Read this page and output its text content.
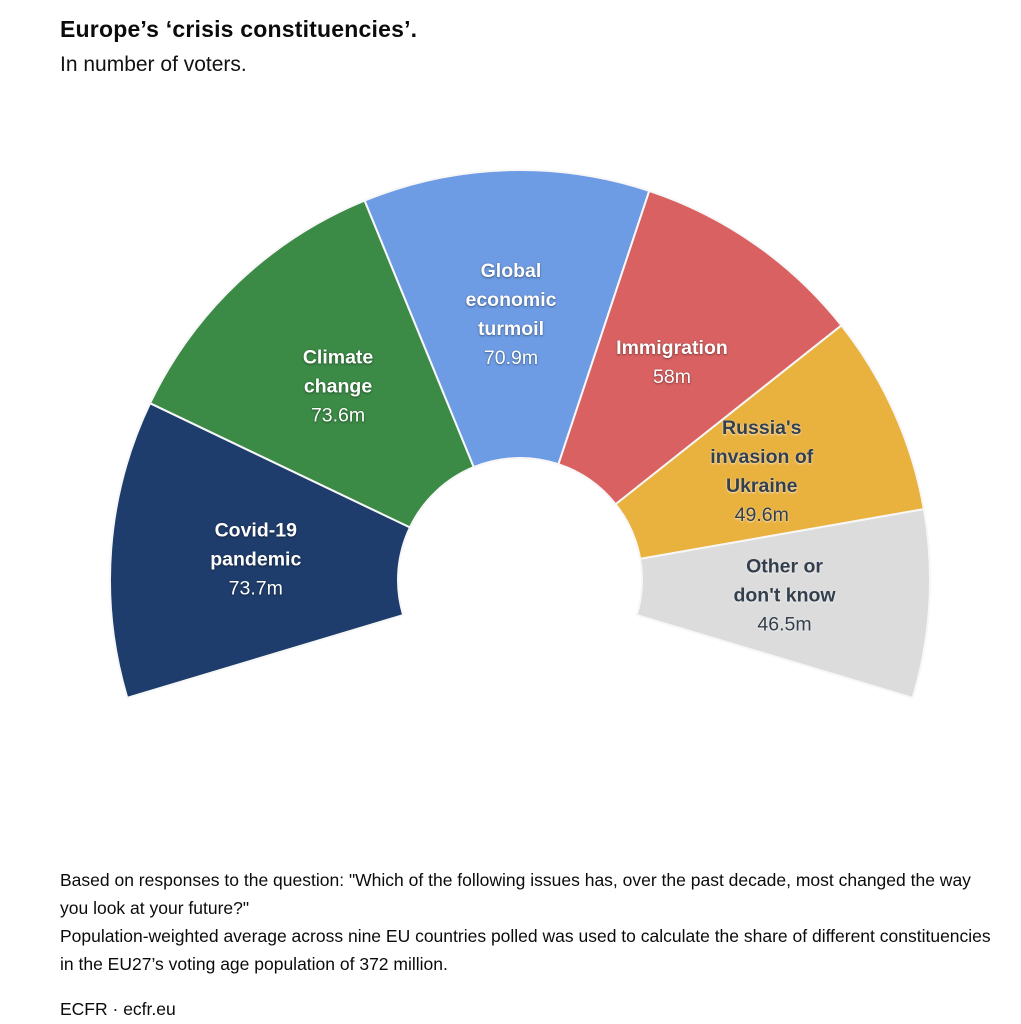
Europe’s ‘crisis constituencies’.
In number of voters.
Covid-19
pandemic
73.7m
Climate
change
73.6m
Global
economic
turmoil
70.9m	Immigration
58m
Russia's
invasion of
Ukraine
49.6m
Other or
don't know
46.5m

Based on responses to the question: "Which of the following issues has, over the past decade, most changed the way you look at your future?"

Population-weighted average across nine EU countries polled was used to calculate the share of different constituencies in the EU27’s voting age population of 372 million.

ECFR · ecfr.eu
